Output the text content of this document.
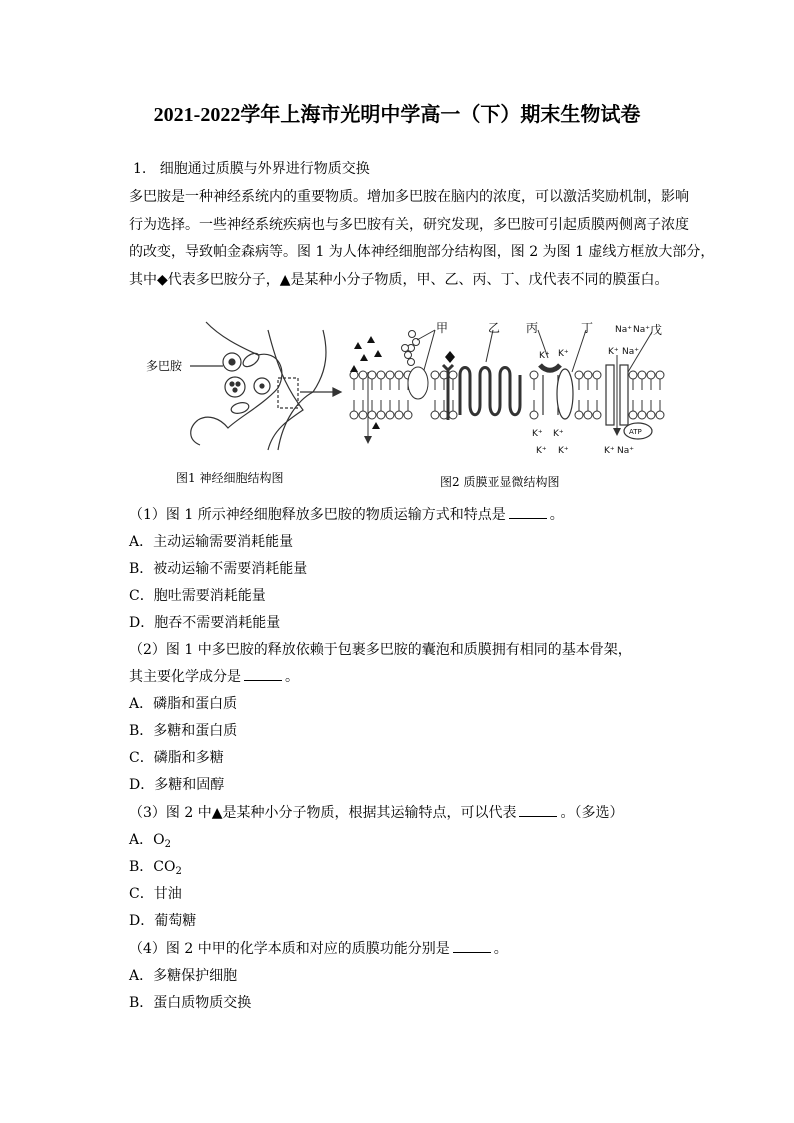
2021-2022学年上海市光明中学高一（下）期末生物试卷
1. 细胞通过质膜与外界进行物质交换
多巴胺是一种神经系统内的重要物质。增加多巴胺在脑内的浓度，可以激活奖励机制，影响
行为选择。一些神经系统疾病也与多巴胺有关，研究发现，多巴胺可引起质膜两侧离子浓度
的改变，导致帕金森病等。图 1 为人体神经细胞部分结构图，图 2 为图 1 虚线方框放大部分，
其中◆代表多巴胺分子，▲是某种小分子物质，甲、乙、丙、丁、戊代表不同的膜蛋白。
多巴胺
图1 神经细胞结构图
甲	乙 丙	丁	戊
K⁺ K⁺
K⁺ K⁺
K⁺ K⁺
Na⁺ Na⁺
K⁺ Na⁺
K⁺ Na⁺
ATP
图2 质膜亚显微结构图
（1）图 1 所示神经细胞释放多巴胺的物质运输方式和特点是	。
A．主动运输需要消耗能量
B．被动运输不需要消耗能量
C．胞吐需要消耗能量
D．胞吞不需要消耗能量
（2）图 1 中多巴胺的释放依赖于包裹多巴胺的囊泡和质膜拥有相同的基本骨架，
其主要化学成分是	。
A．磷脂和蛋白质
B．多糖和蛋白质
C．磷脂和多糖
D．多糖和固醇
（3）图 2 中▲是某种小分子物质，根据其运输特点，可以代表	。（多选）
A．$O_2$
B．$CO_2$
C．甘油
D．葡萄糖
（4）图 2 中甲的化学本质和对应的质膜功能分别是	。
A．多糖保护细胞
B．蛋白质物质交换
